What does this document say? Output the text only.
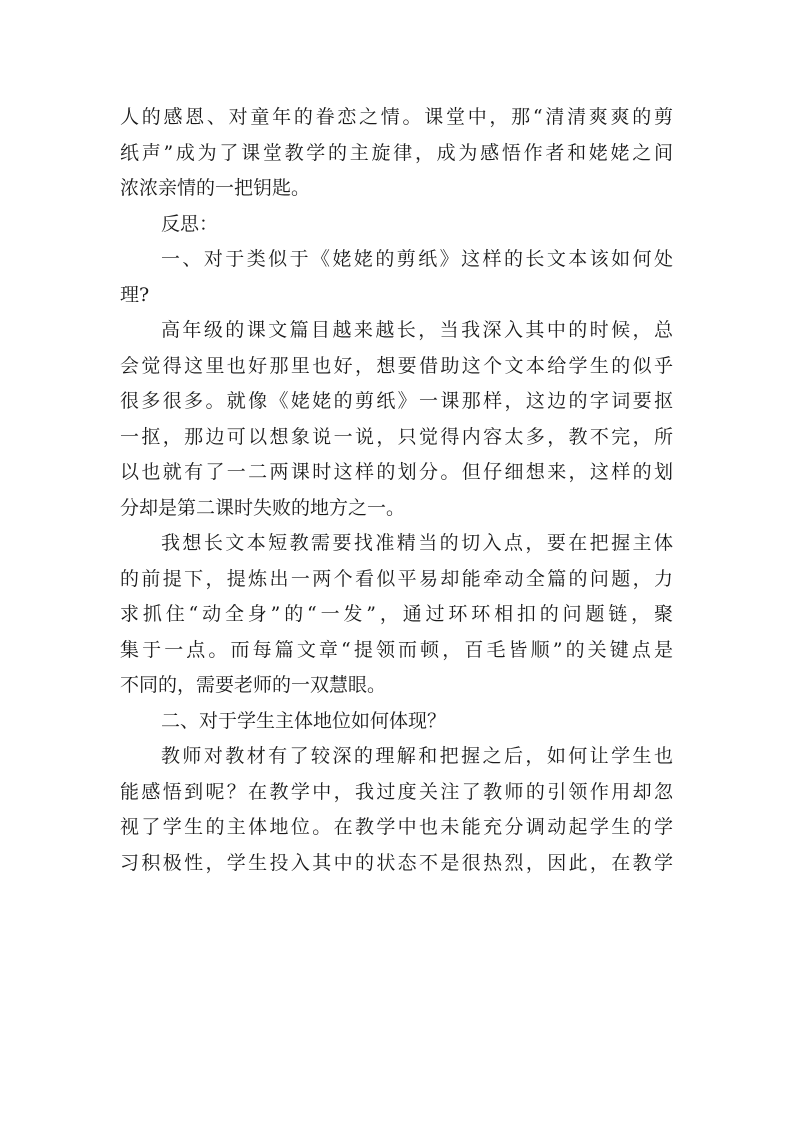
人的感恩、对童年的眷恋之情。课堂中，那“清清爽爽的剪
纸声”成为了课堂教学的主旋律，成为感悟作者和姥姥之间
浓浓亲情的一把钥匙。
反思：
一、对于类似于《姥姥的剪纸》这样的长文本该如何处
理?
高年级的课文篇目越来越长，当我深入其中的时候，总
会觉得这里也好那里也好，想要借助这个文本给学生的似乎
很多很多。就像《姥姥的剪纸》一课那样，这边的字词要抠
一抠，那边可以想象说一说，只觉得内容太多，教不完，所
以也就有了一二两课时这样的划分。但仔细想来，这样的划
分却是第二课时失败的地方之一。
我想长文本短教需要找准精当的切入点，要在把握主体
的前提下，提炼出一两个看似平易却能牵动全篇的问题，力
求抓住“动全身”的“一发”，通过环环相扣的问题链，聚
集于一点。而每篇文章“提领而顿，百毛皆顺”的关键点是
不同的，需要老师的一双慧眼。
二、对于学生主体地位如何体现？
教师对教材有了较深的理解和把握之后，如何让学生也
能感悟到呢？在教学中，我过度关注了教师的引领作用却忽
视了学生的主体地位。在教学中也未能充分调动起学生的学
习积极性，学生投入其中的状态不是很热烈，因此，在教学
